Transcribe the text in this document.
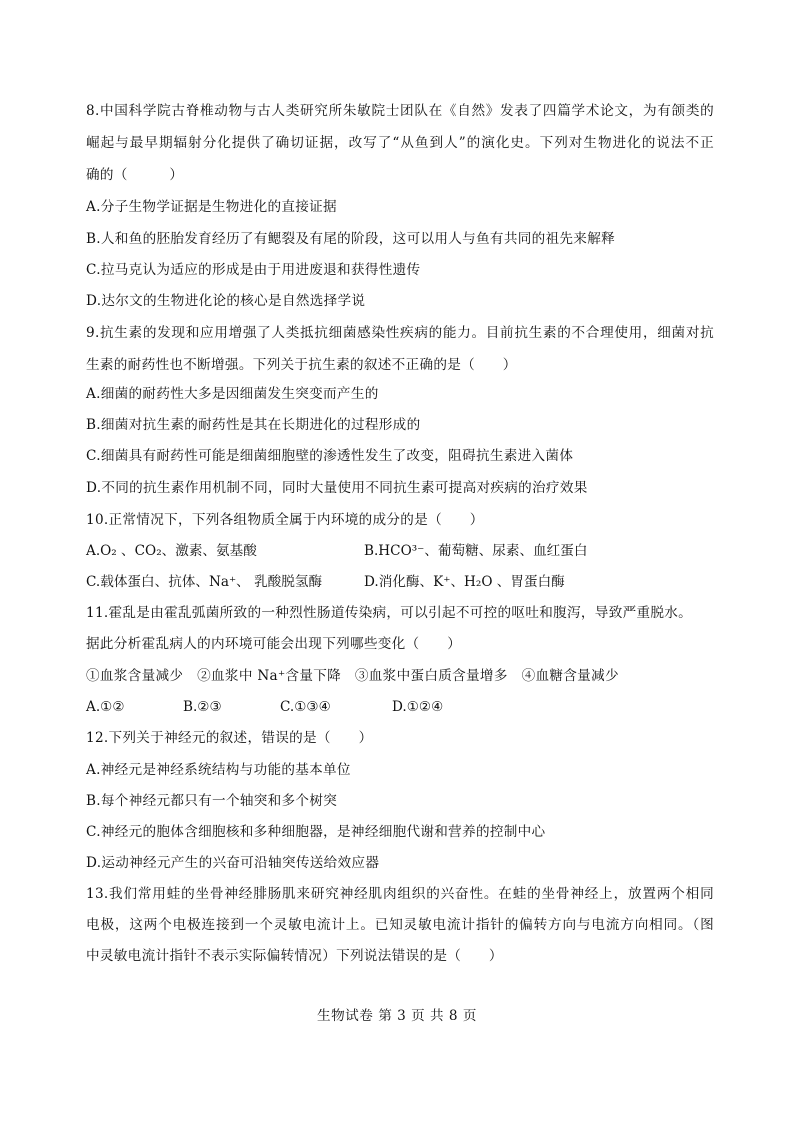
8.中国科学院古脊椎动物与古人类研究所朱敏院士团队在《自然》发表了四篇学术论文，为有颌类的
崛起与最早期辐射分化提供了确切证据，改写了“从鱼到人”的演化史。下列对生物进化的说法不正
确的（　　　）
A.分子生物学证据是生物进化的直接证据
B.人和鱼的胚胎发育经历了有鳃裂及有尾的阶段，这可以用人与鱼有共同的祖先来解释
C.拉马克认为适应的形成是由于用进废退和获得性遗传
D.达尔文的生物进化论的核心是自然选择学说
9.抗生素的发现和应用增强了人类抵抗细菌感染性疾病的能力。目前抗生素的不合理使用，细菌对抗
生素的耐药性也不断增强。下列关于抗生素的叙述不正确的是（　　）
A.细菌的耐药性大多是因细菌发生突变而产生的
B.细菌对抗生素的耐药性是其在长期进化的过程形成的
C.细菌具有耐药性可能是细菌细胞壁的渗透性发生了改变，阻碍抗生素进入菌体
D.不同的抗生素作用机制不同，同时大量使用不同抗生素可提高对疾病的治疗效果
10.正常情况下，下列各组物质全属于内环境的成分的是（　　）
A.O₂ 、CO₂、激素、氨基酸	B.HCO³⁻、葡萄糖、尿素、血红蛋白
C.载体蛋白、抗体、Na⁺、 乳酸脱氢酶	D.消化酶、K⁺、H₂O 、胃蛋白酶
11.霍乱是由霍乱弧菌所致的一种烈性肠道传染病，可以引起不可控的呕吐和腹泻，导致严重脱水。
据此分析霍乱病人的内环境可能会出现下列哪些变化（　　）
①血浆含量减少　②血浆中 Na⁺含量下降　③血浆中蛋白质含量增多　④血糖含量减少
A.①②	B.②③	C.①③④	D.①②④
12.下列关于神经元的叙述，错误的是（　　）
A.神经元是神经系统结构与功能的基本单位
B.每个神经元都只有一个轴突和多个树突
C.神经元的胞体含细胞核和多种细胞器，是神经细胞代谢和营养的控制中心
D.运动神经元产生的兴奋可沿轴突传送给效应器
13.我们常用蛙的坐骨神经腓肠肌来研究神经肌肉组织的兴奋性。在蛙的坐骨神经上，放置两个相同
电极，这两个电极连接到一个灵敏电流计上。已知灵敏电流计指针的偏转方向与电流方向相同。（图
中灵敏电流计指针不表示实际偏转情况）下列说法错误的是（　　）
生物试卷 第 3 页 共 8 页
